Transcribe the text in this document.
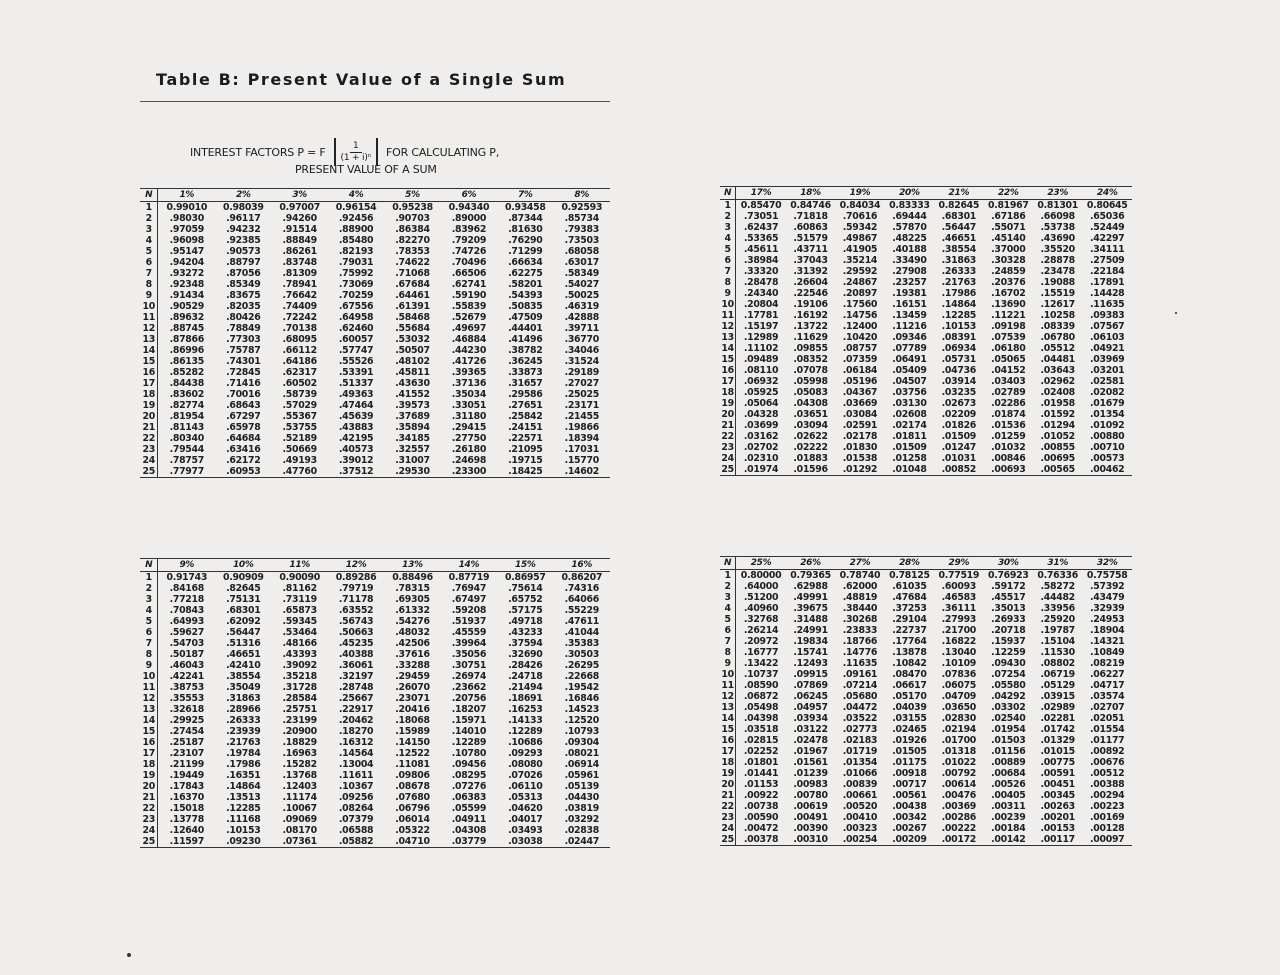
Table B: Present Value of a Single Sum
INTEREST FACTORS P = F $\frac{1}{\text{(1 + i)ⁿ}}$ FOR CALCULATING P,
PRESENT VALUE OF A SUM
N	1%	2%	3%	4%	5%	6%	7%	8%
1	0.99010	0.98039	0.97007	0.96154	0.95238	0.94340	0.93458	0.92593
2	.98030	.96117	.94260	.92456	.90703	.89000	.87344	.85734
3	.97059	.94232	.91514	.88900	.86384	.83962	.81630	.79383
4	.96098	.92385	.88849	.85480	.82270	.79209	.76290	.73503
5	.95147	.90573	.86261	.82193	.78353	.74726	.71299	.68058
6	.94204	.88797	.83748	.79031	.74622	.70496	.66634	.63017
7	.93272	.87056	.81309	.75992	.71068	.66506	.62275	.58349
8	.92348	.85349	.78941	.73069	.67684	.62741	.58201	.54027
9	.91434	.83675	.76642	.70259	.64461	.59190	.54393	.50025
10	.90529	.82035	.74409	.67556	.61391	.55839	.50835	.46319
11	.89632	.80426	.72242	.64958	.58468	.52679	.47509	.42888
12	.88745	.78849	.70138	.62460	.55684	.49697	.44401	.39711
13	.87866	.77303	.68095	.60057	.53032	.46884	.41496	.36770
14	.86996	.75787	.66112	.57747	.50507	.44230	.38782	.34046
15	.86135	.74301	.64186	.55526	.48102	.41726	.36245	.31524
16	.85282	.72845	.62317	.53391	.45811	.39365	.33873	.29189
17	.84438	.71416	.60502	.51337	.43630	.37136	.31657	.27027
18	.83602	.70016	.58739	.49363	.41552	.35034	.29586	.25025
19	.82774	.68643	.57029	.47464	.39573	.33051	.27651	.23171
20	.81954	.67297	.55367	.45639	.37689	.31180	.25842	.21455
21	.81143	.65978	.53755	.43883	.35894	.29415	.24151	.19866
22	.80340	.64684	.52189	.42195	.34185	.27750	.22571	.18394
23	.79544	.63416	.50669	.40573	.32557	.26180	.21095	.17031
24	.78757	.62172	.49193	.39012	.31007	.24698	.19715	.15770
25	.77977	.60953	.47760	.37512	.29530	.23300	.18425	.14602
N	9%	10%	11%	12%	13%	14%	15%	16%
1	0.91743	0.90909	0.90090	0.89286	0.88496	0.87719	0.86957	0.86207
2	.84168	.82645	.81162	.79719	.78315	.76947	.75614	.74316
3	.77218	.75131	.73119	.71178	.69305	.67497	.65752	.64066
4	.70843	.68301	.65873	.63552	.61332	.59208	.57175	.55229
5	.64993	.62092	.59345	.56743	.54276	.51937	.49718	.47611
6	.59627	.56447	.53464	.50663	.48032	.45559	.43233	.41044
7	.54703	.51316	.48166	.45235	.42506	.39964	.37594	.35383
8	.50187	.46651	.43393	.40388	.37616	.35056	.32690	.30503
9	.46043	.42410	.39092	.36061	.33288	.30751	.28426	.26295
10	.42241	.38554	.35218	.32197	.29459	.26974	.24718	.22668
11	.38753	.35049	.31728	.28748	.26070	.23662	.21494	.19542
12	.35553	.31863	.28584	.25667	.23071	.20756	.18691	.16846
13	.32618	.28966	.25751	.22917	.20416	.18207	.16253	.14523
14	.29925	.26333	.23199	.20462	.18068	.15971	.14133	.12520
15	.27454	.23939	.20900	.18270	.15989	.14010	.12289	.10793
16	.25187	.21763	.18829	.16312	.14150	.12289	.10686	.09304
17	.23107	.19784	.16963	.14564	.12522	.10780	.09293	.08021
18	.21199	.17986	.15282	.13004	.11081	.09456	.08080	.06914
19	.19449	.16351	.13768	.11611	.09806	.08295	.07026	.05961
20	.17843	.14864	.12403	.10367	.08678	.07276	.06110	.05139
21	.16370	.13513	.11174	.09256	.07680	.06383	.05313	.04430
22	.15018	.12285	.10067	.08264	.06796	.05599	.04620	.03819
23	.13778	.11168	.09069	.07379	.06014	.04911	.04017	.03292
24	.12640	.10153	.08170	.06588	.05322	.04308	.03493	.02838
25	.11597	.09230	.07361	.05882	.04710	.03779	.03038	.02447
N	17%	18%	19%	20%	21%	22%	23%	24%
1	0.85470	0.84746	0.84034	0.83333	0.82645	0.81967	0.81301	0.80645
2	.73051	.71818	.70616	.69444	.68301	.67186	.66098	.65036
3	.62437	.60863	.59342	.57870	.56447	.55071	.53738	.52449
4	.53365	.51579	.49867	.48225	.46651	.45140	.43690	.42297
5	.45611	.43711	.41905	.40188	.38554	.37000	.35520	.34111
6	.38984	.37043	.35214	.33490	.31863	.30328	.28878	.27509
7	.33320	.31392	.29592	.27908	.26333	.24859	.23478	.22184
8	.28478	.26604	.24867	.23257	.21763	.20376	.19088	.17891
9	.24340	.22546	.20897	.19381	.17986	.16702	.15519	.14428
10	.20804	.19106	.17560	.16151	.14864	.13690	.12617	.11635
11	.17781	.16192	.14756	.13459	.12285	.11221	.10258	.09383
12	.15197	.13722	.12400	.11216	.10153	.09198	.08339	.07567
13	.12989	.11629	.10420	.09346	.08391	.07539	.06780	.06103
14	.11102	.09855	.08757	.07789	.06934	.06180	.05512	.04921
15	.09489	.08352	.07359	.06491	.05731	.05065	.04481	.03969
16	.08110	.07078	.06184	.05409	.04736	.04152	.03643	.03201
17	.06932	.05998	.05196	.04507	.03914	.03403	.02962	.02581
18	.05925	.05083	.04367	.03756	.03235	.02789	.02408	.02082
19	.05064	.04308	.03669	.03130	.02673	.02286	.01958	.01679
20	.04328	.03651	.03084	.02608	.02209	.01874	.01592	.01354
21	.03699	.03094	.02591	.02174	.01826	.01536	.01294	.01092
22	.03162	.02622	.02178	.01811	.01509	.01259	.01052	.00880
23	.02702	.02222	.01830	.01509	.01247	.01032	.00855	.00710
24	.02310	.01883	.01538	.01258	.01031	.00846	.00695	.00573
25	.01974	.01596	.01292	.01048	.00852	.00693	.00565	.00462
N	25%	26%	27%	28%	29%	30%	31%	32%
1	0.80000	0.79365	0.78740	0.78125	0.77519	0.76923	0.76336	0.75758
2	.64000	.62988	.62000	.61035	.60093	.59172	.58272	.57392
3	.51200	.49991	.48819	.47684	.46583	.45517	.44482	.43479
4	.40960	.39675	.38440	.37253	.36111	.35013	.33956	.32939
5	.32768	.31488	.30268	.29104	.27993	.26933	.25920	.24953
6	.26214	.24991	.23833	.22737	.21700	.20718	.19787	.18904
7	.20972	.19834	.18766	.17764	.16822	.15937	.15104	.14321
8	.16777	.15741	.14776	.13878	.13040	.12259	.11530	.10849
9	.13422	.12493	.11635	.10842	.10109	.09430	.08802	.08219
10	.10737	.09915	.09161	.08470	.07836	.07254	.06719	.06227
11	.08590	.07869	.07214	.06617	.06075	.05580	.05129	.04717
12	.06872	.06245	.05680	.05170	.04709	.04292	.03915	.03574
13	.05498	.04957	.04472	.04039	.03650	.03302	.02989	.02707
14	.04398	.03934	.03522	.03155	.02830	.02540	.02281	.02051
15	.03518	.03122	.02773	.02465	.02194	.01954	.01742	.01554
16	.02815	.02478	.02183	.01926	.01700	.01503	.01329	.01177
17	.02252	.01967	.01719	.01505	.01318	.01156	.01015	.00892
18	.01801	.01561	.01354	.01175	.01022	.00889	.00775	.00676
19	.01441	.01239	.01066	.00918	.00792	.00684	.00591	.00512
20	.01153	.00983	.00839	.00717	.00614	.00526	.00451	.00388
21	.00922	.00780	.00661	.00561	.00476	.00405	.00345	.00294
22	.00738	.00619	.00520	.00438	.00369	.00311	.00263	.00223
23	.00590	.00491	.00410	.00342	.00286	.00239	.00201	.00169
24	.00472	.00390	.00323	.00267	.00222	.00184	.00153	.00128
25	.00378	.00310	.00254	.00209	.00172	.00142	.00117	.00097
